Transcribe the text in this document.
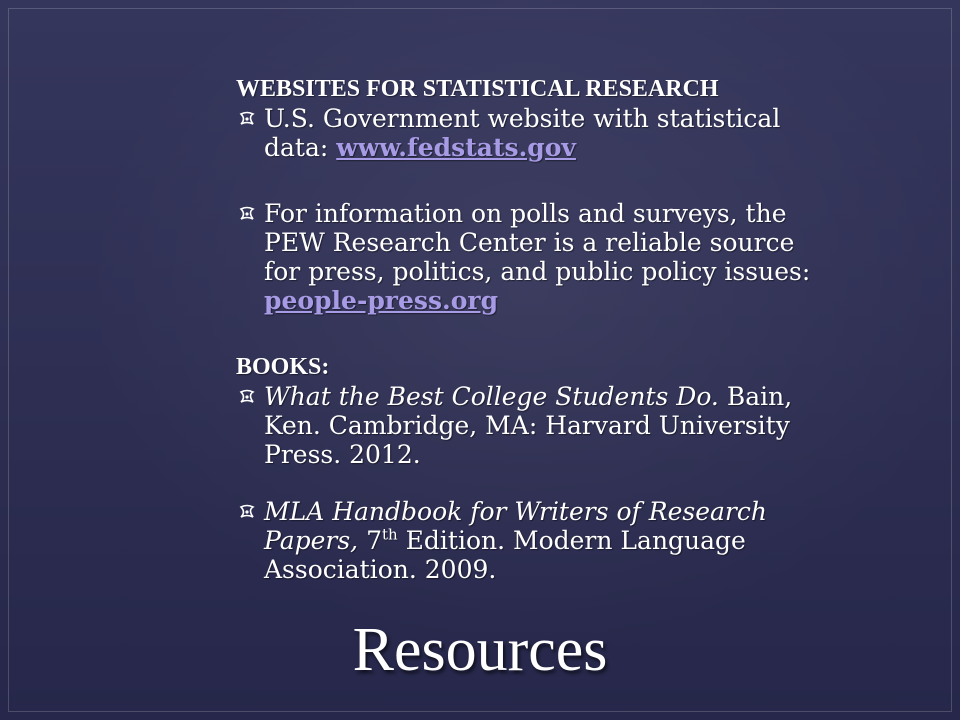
WEBSITES FOR STATISTICAL RESEARCH

U.S. Government website with statistical data: www.fedstats.gov

For information on polls and surveys, the PEW Research Center is a reliable source for press, politics, and public policy issues: people-press.org

BOOKS:

What the Best College Students Do. Bain, Ken. Cambridge, MA: Harvard University Press. 2012.

MLA Handbook for Writers of Research Papers, 7th Edition. Modern Language Association. 2009.

Resources
